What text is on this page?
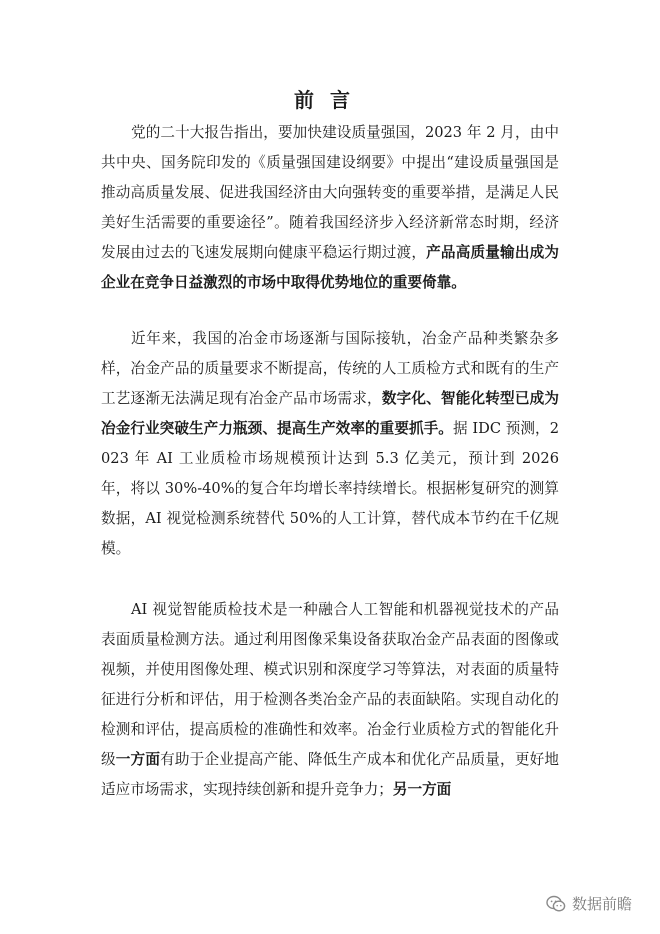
前言
党的二十大报告指出，要加快建设质量强国，2023 年 2 月，由中共中央、国务院印发的《质量强国建设纲要》中提出“建设质量强国是推动高质量发展、促进我国经济由大向强转变的重要举措，是满足人民美好生活需要的重要途径”。随着我国经济步入经济新常态时期，经济发展由过去的飞速发展期向健康平稳运行期过渡，产品高质量输出成为企业在竞争日益激烈的市场中取得优势地位的重要倚靠。
近年来，我国的冶金市场逐渐与国际接轨，冶金产品种类繁杂多样，冶金产品的质量要求不断提高，传统的人工质检方式和既有的生产工艺逐渐无法满足现有冶金产品市场需求，数字化、智能化转型已成为冶金行业突破生产力瓶颈、提高生产效率的重要抓手。据 IDC 预测，2023 年 AI 工业质检市场规模预计达到 5.3 亿美元，预计到 2026 年，将以 30%-40%的复合年均增长率持续增长。根据彬复研究的测算数据，AI 视觉检测系统替代 50%的人工计算，替代成本节约在千亿规模。
AI 视觉智能质检技术是一种融合人工智能和机器视觉技术的产品表面质量检测方法。通过利用图像采集设备获取冶金产品表面的图像或视频，并使用图像处理、模式识别和深度学习等算法，对表面的质量特征进行分析和评估，用于检测各类冶金产品的表面缺陷。实现自动化的检测和评估，提高质检的准确性和效率。冶金行业质检方式的智能化升级一方面有助于企业提高产能、降低生产成本和优化产品质量，更好地适应市场需求，实现持续创新和提升竞争力；另一方面
数据前瞻
